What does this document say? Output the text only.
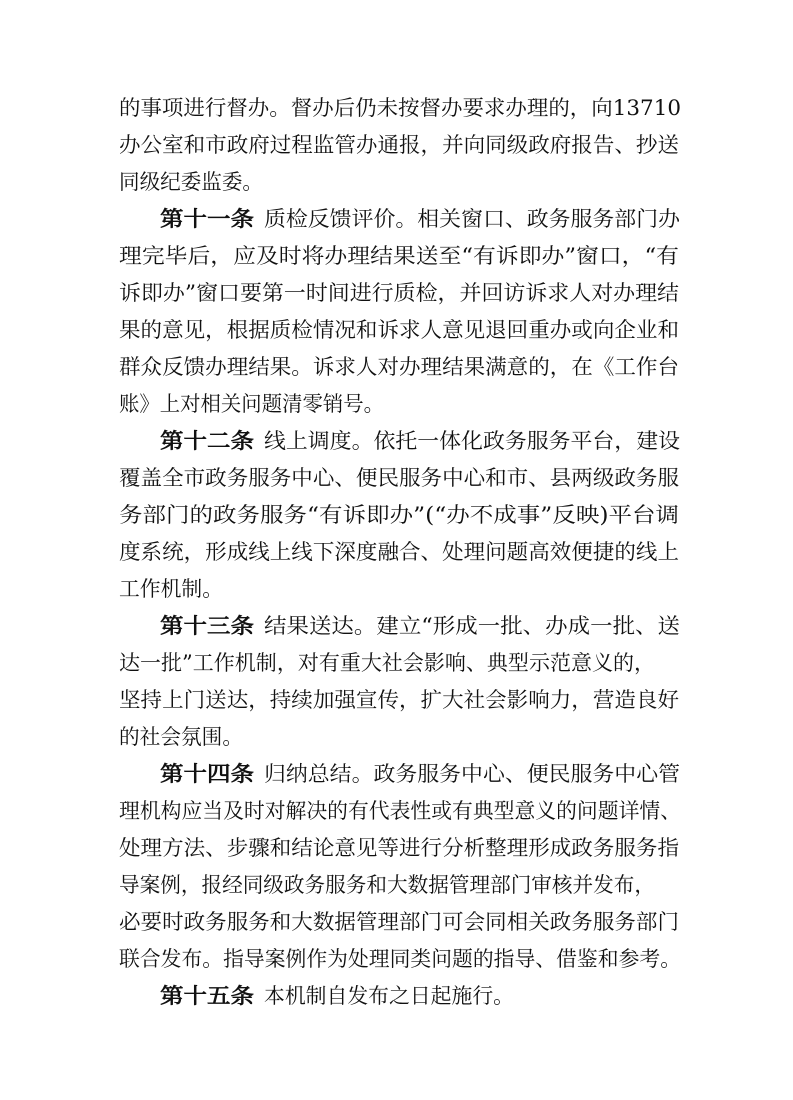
的事项进行督办。督办后仍未按督办要求办理的，向13710
办公室和市政府过程监管办通报，并向同级政府报告、抄送
同级纪委监委。
第十一条 质检反馈评价。相关窗口、政务服务部门办
理完毕后，应及时将办理结果送至“有诉即办”窗口，“有
诉即办”窗口要第一时间进行质检，并回访诉求人对办理结
果的意见，根据质检情况和诉求人意见退回重办或向企业和
群众反馈办理结果。诉求人对办理结果满意的，在《工作台
账》上对相关问题清零销号。
第十二条 线上调度。依托一体化政务服务平台，建设
覆盖全市政务服务中心、便民服务中心和市、县两级政务服
务部门的政务服务“有诉即办”(“办不成事”反映)平台调
度系统，形成线上线下深度融合、处理问题高效便捷的线上
工作机制。
第十三条 结果送达。建立“形成一批、办成一批、送
达一批”工作机制，对有重大社会影响、典型示范意义的，
坚持上门送达，持续加强宣传，扩大社会影响力，营造良好
的社会氛围。
第十四条 归纳总结。政务服务中心、便民服务中心管
理机构应当及时对解决的有代表性或有典型意义的问题详情、
处理方法、步骤和结论意见等进行分析整理形成政务服务指
导案例，报经同级政务服务和大数据管理部门审核并发布，
必要时政务服务和大数据管理部门可会同相关政务服务部门
联合发布。指导案例作为处理同类问题的指导、借鉴和参考。
第十五条 本机制自发布之日起施行。
